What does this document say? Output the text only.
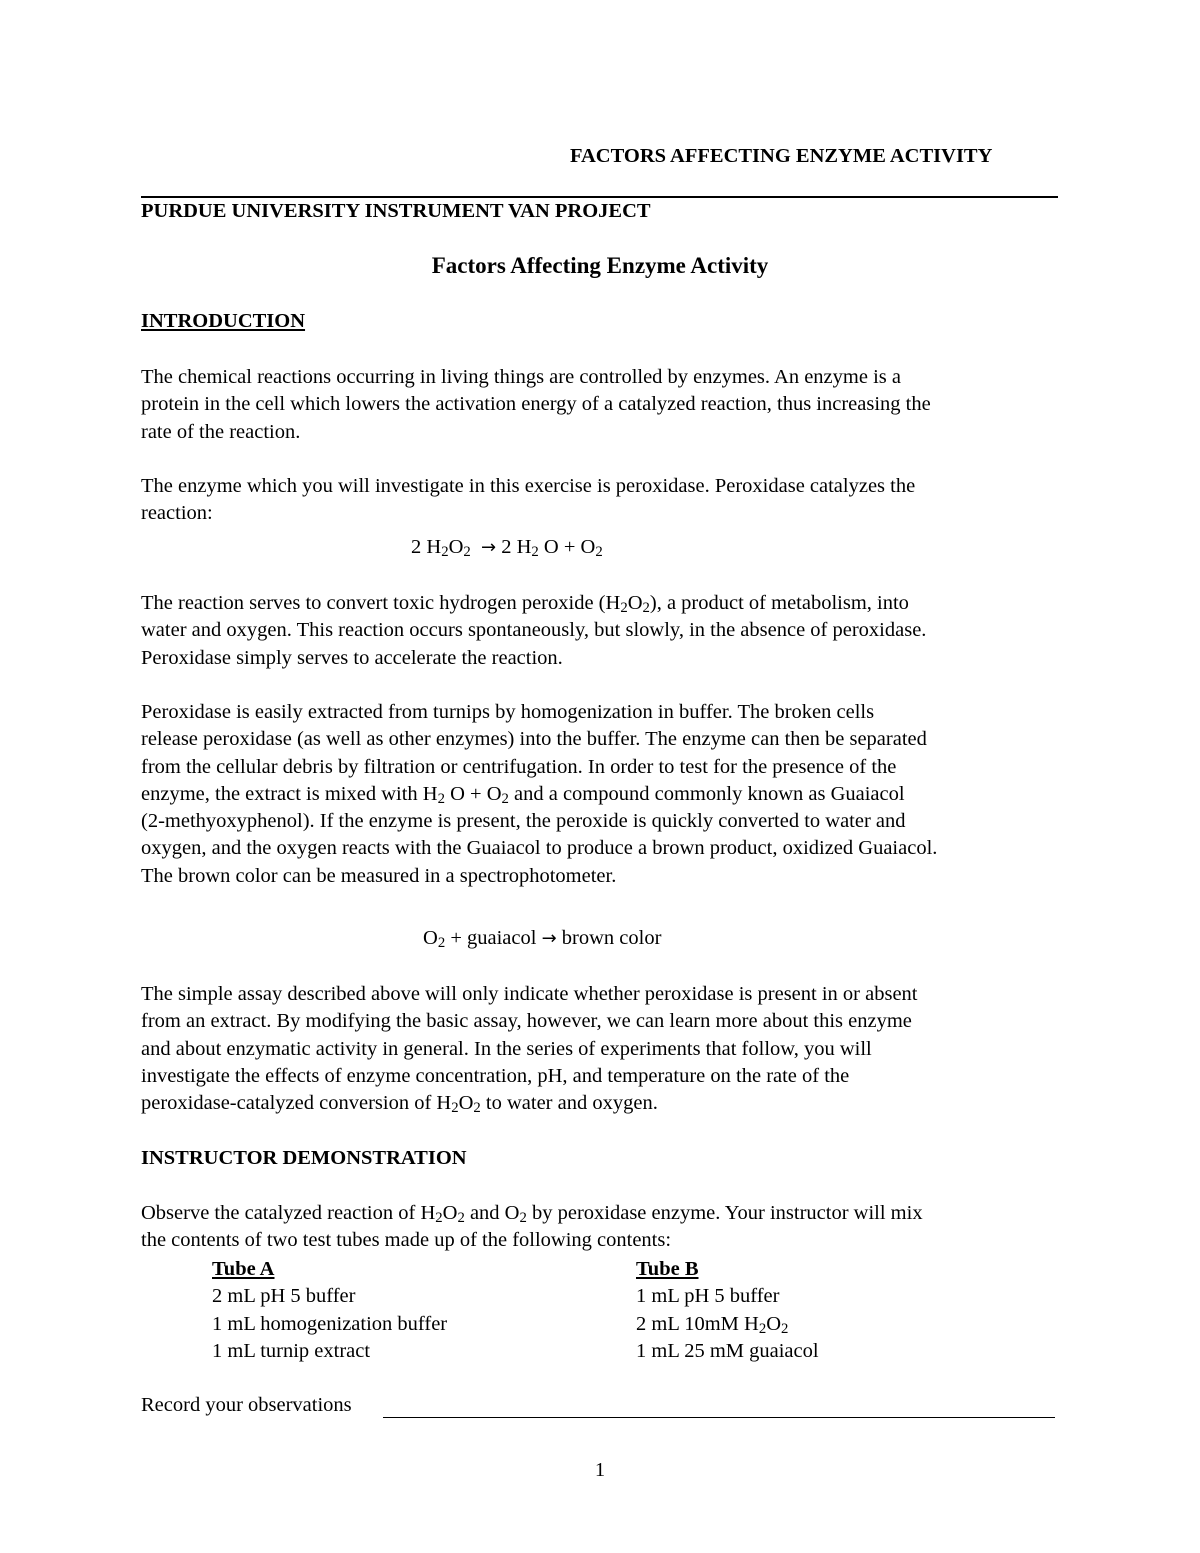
FACTORS AFFECTING ENZYME ACTIVITY
PURDUE UNIVERSITY INSTRUMENT VAN PROJECT
Factors Affecting Enzyme Activity
INTRODUCTION
The chemical reactions occurring in living things are controlled by enzymes. An enzyme is a
protein in the cell which lowers the activation energy of a catalyzed reaction, thus increasing the
rate of the reaction.
The enzyme which you will investigate in this exercise is peroxidase. Peroxidase catalyzes the
reaction:
2 $H_2O_2 \to 2$ $H_2$ $O + O_2$
The reaction serves to convert toxic hydrogen peroxide $(H_2O_2)$, a product of metabolism, into
water and oxygen. This reaction occurs spontaneously, but slowly, in the absence of peroxidase.
Peroxidase simply serves to accelerate the reaction.
Peroxidase is easily extracted from turnips by homogenization in buffer. The broken cells
release peroxidase (as well as other enzymes) into the buffer. The enzyme can then be separated
from the cellular debris by filtration or centrifugation. In order to test for the presence of the
enzyme, the extract is mixed with $H_2$ $O + O_2$ and a compound commonly known as Guaiacol
(2-methyoxyphenol). If the enzyme is present, the peroxide is quickly converted to water and
oxygen, and the oxygen reacts with the Guaiacol to produce a brown product, oxidized Guaiacol.
The brown color can be measured in a spectrophotometer.
$O_2$ + guaiacol → brown color
The simple assay described above will only indicate whether peroxidase is present in or absent
from an extract. By modifying the basic assay, however, we can learn more about this enzyme
and about enzymatic activity in general. In the series of experiments that follow, you will
investigate the effects of enzyme concentration, pH, and temperature on the rate of the
peroxidase-catalyzed conversion of $H_2O_2$ to water and oxygen.
INSTRUCTOR DEMONSTRATION
Observe the catalyzed reaction of $H_2O_2$ and $O_2$ by peroxidase enzyme. Your instructor will mix
the contents of two test tubes made up of the following contents:
Tube A
2 mL pH 5 buffer
1 mL homogenization buffer
1 mL turnip extract
Tube B
1 mL pH 5 buffer
2 mL 10mM $H_2O_2$
1 mL 25 mM guaiacol
Record your observations
1
